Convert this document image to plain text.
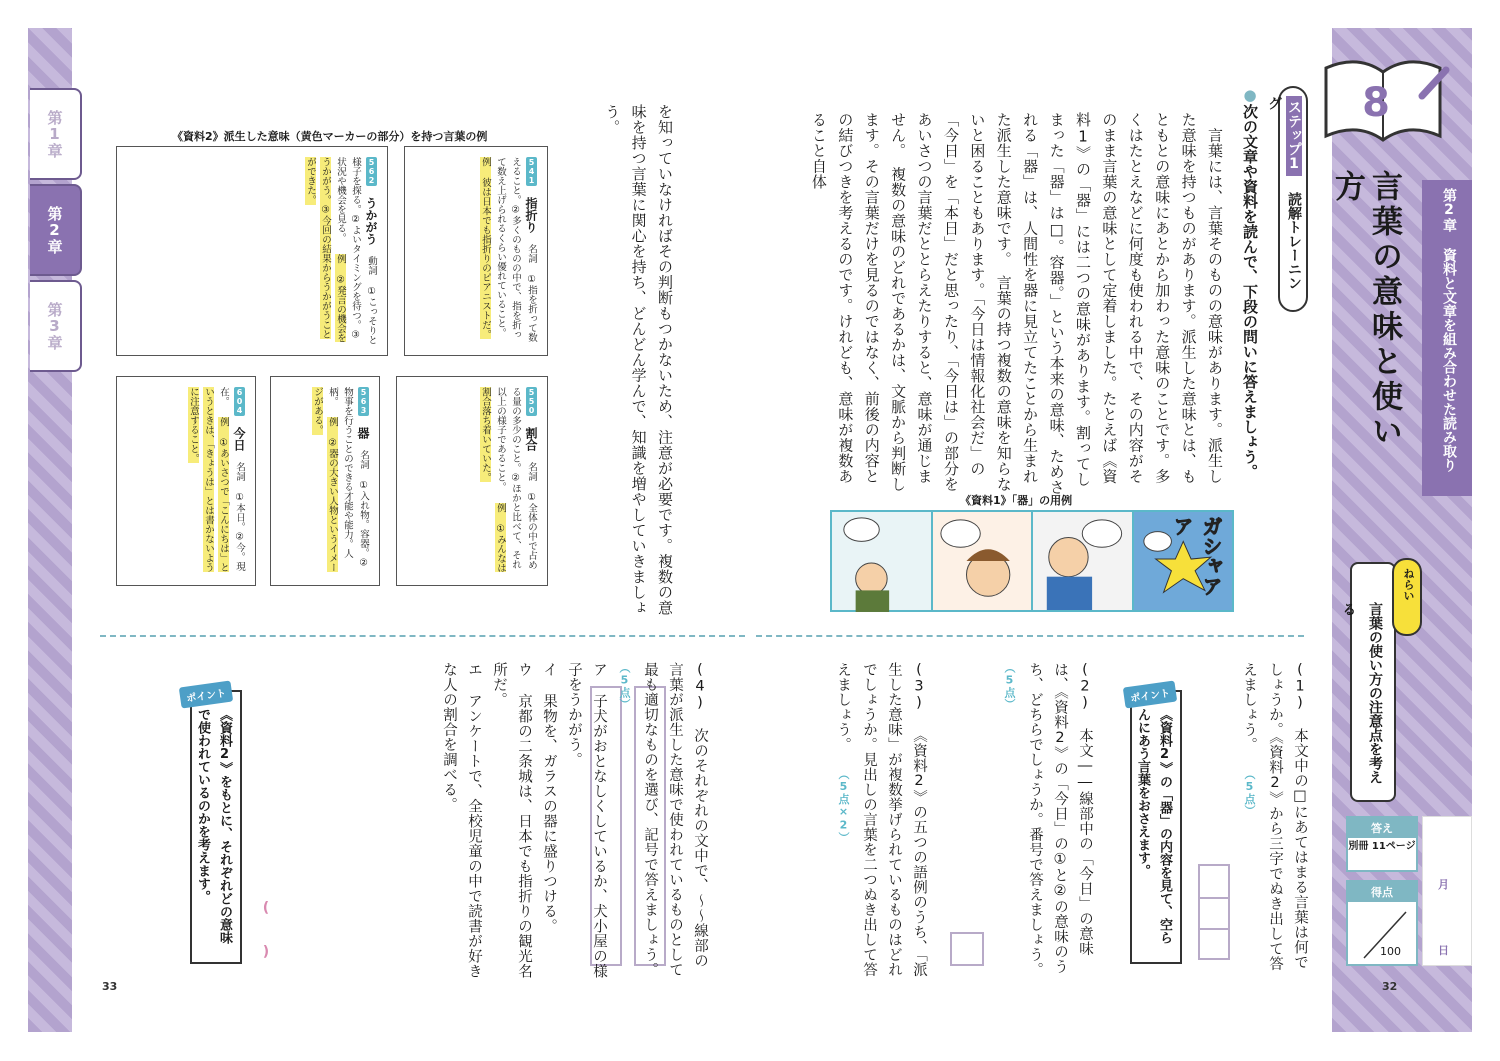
第1章
第2章
第3章
33	32
8
言葉の意味と使い方
第2章 資料と文章を組み合わせた読み取り
言葉の使い方の注意点を考える
ねらい
答え
別冊 11ページ
得点
100
月
日
ステップ1 読解トレーニング
●次の文章や資料を読んで、下段の問いに答えましょう。
　言葉には、言葉そのものの意味があります。派生した意味を持つものがあります。派生した意味とは、もともとの意味にあとから加わった意味のことです。多くはたとえなどに何度も使われる中で、その内容がそのまま言葉の意味として定着しました。たとえば《資料1》の「器」には二つの意味があります。割ってしまった「器」は□。容器。」という本来の意味、ためされる「器」は、人間性を器に見立てたことから生まれた派生した意味です。　言葉の持つ複数の意味を知らないと困ることもあります。「今日は情報化社会だ」の「今日」を「本日」だと思ったり、「今日は」の部分をあいさつの言葉だととらえたりすると、意味が通じません。　複数の意味のどれであるかは、文脈から判断します。その言葉だけを見るのではなく、前後の内容との結びつきを考えるのです。けれども、意味が複数あること自体
を知っていなければその判断もつかないため、注意が必要です。複数の意味を持つ言葉に関心を持ち、どんどん学んで、知識を増やしていきましょう。
《資料1》「器」の用例
ガシャアア
《資料2》派生した意味（黄色マーカーの部分）を持つ言葉の例
541 指折り 名詞 ①指を折って数えること。②多くのものの中で、指を折って数え上げられるくらい優れていること。 例 彼は日本でも指折りのピアニストだ。
562 うかがう 動詞 ①こっそりと様子を探る。②よいタイミングを待つ。③状況や機会を見る。 例 ②発言の機会をうかがう。③今回の結果からうかがうことができた。
550 割合 名詞 ①全体の中で占める量の多少のこと。②ほかと比べて、それ以上の様子であること。 例 ①みんなは割合落ち着いていた。
563 器 名詞 ①入れ物。容器。②物事を行うことのできる才能や能力。人柄。 例 ②器の大きい人物というイメージがある。
604 今日 名詞 ①本日。②今。現在。 例 ①あいさつで「こんにちは」というときは、「きょうは」とは書かないように注意すること。
(1) 本文中の□にあてはまる言葉は何でしょうか。《資料2》から三字でぬき出して答えましょう。 （5点）
《資料2》の「器」の内容を見て、空らんにあう言葉をおさえます。
ポイント
(2) 本文――線部中の「今日」の意味は、《資料2》の「今日」の①と②の意味のうち、どちらでしょうか。番号で答えましょう。 （5点）
(3) 《資料2》の五つの語例のうち、「派生した意味」が複数挙げられているものはどれでしょうか。見出しの言葉を二つぬき出して答えましょう。 （5点×2）
(4) 次のそれぞれの文中で、～～線部の言葉が派生した意味で使われているものとして最も適切なものを選び、記号で答えましょう。 （5点）
ア 子犬がおとなしくしているか、犬小屋の様子をうかがう。
イ 果物を、ガラスの器に盛りつける。
ウ 京都の二条城は、日本でも指折りの観光名所だ。
エ アンケートで、全校児童の中で読書が好きな人の割合を調べる。
(　　)
《資料2》をもとに、それぞれどの意味で使われているのかを考えます。
ポイント
